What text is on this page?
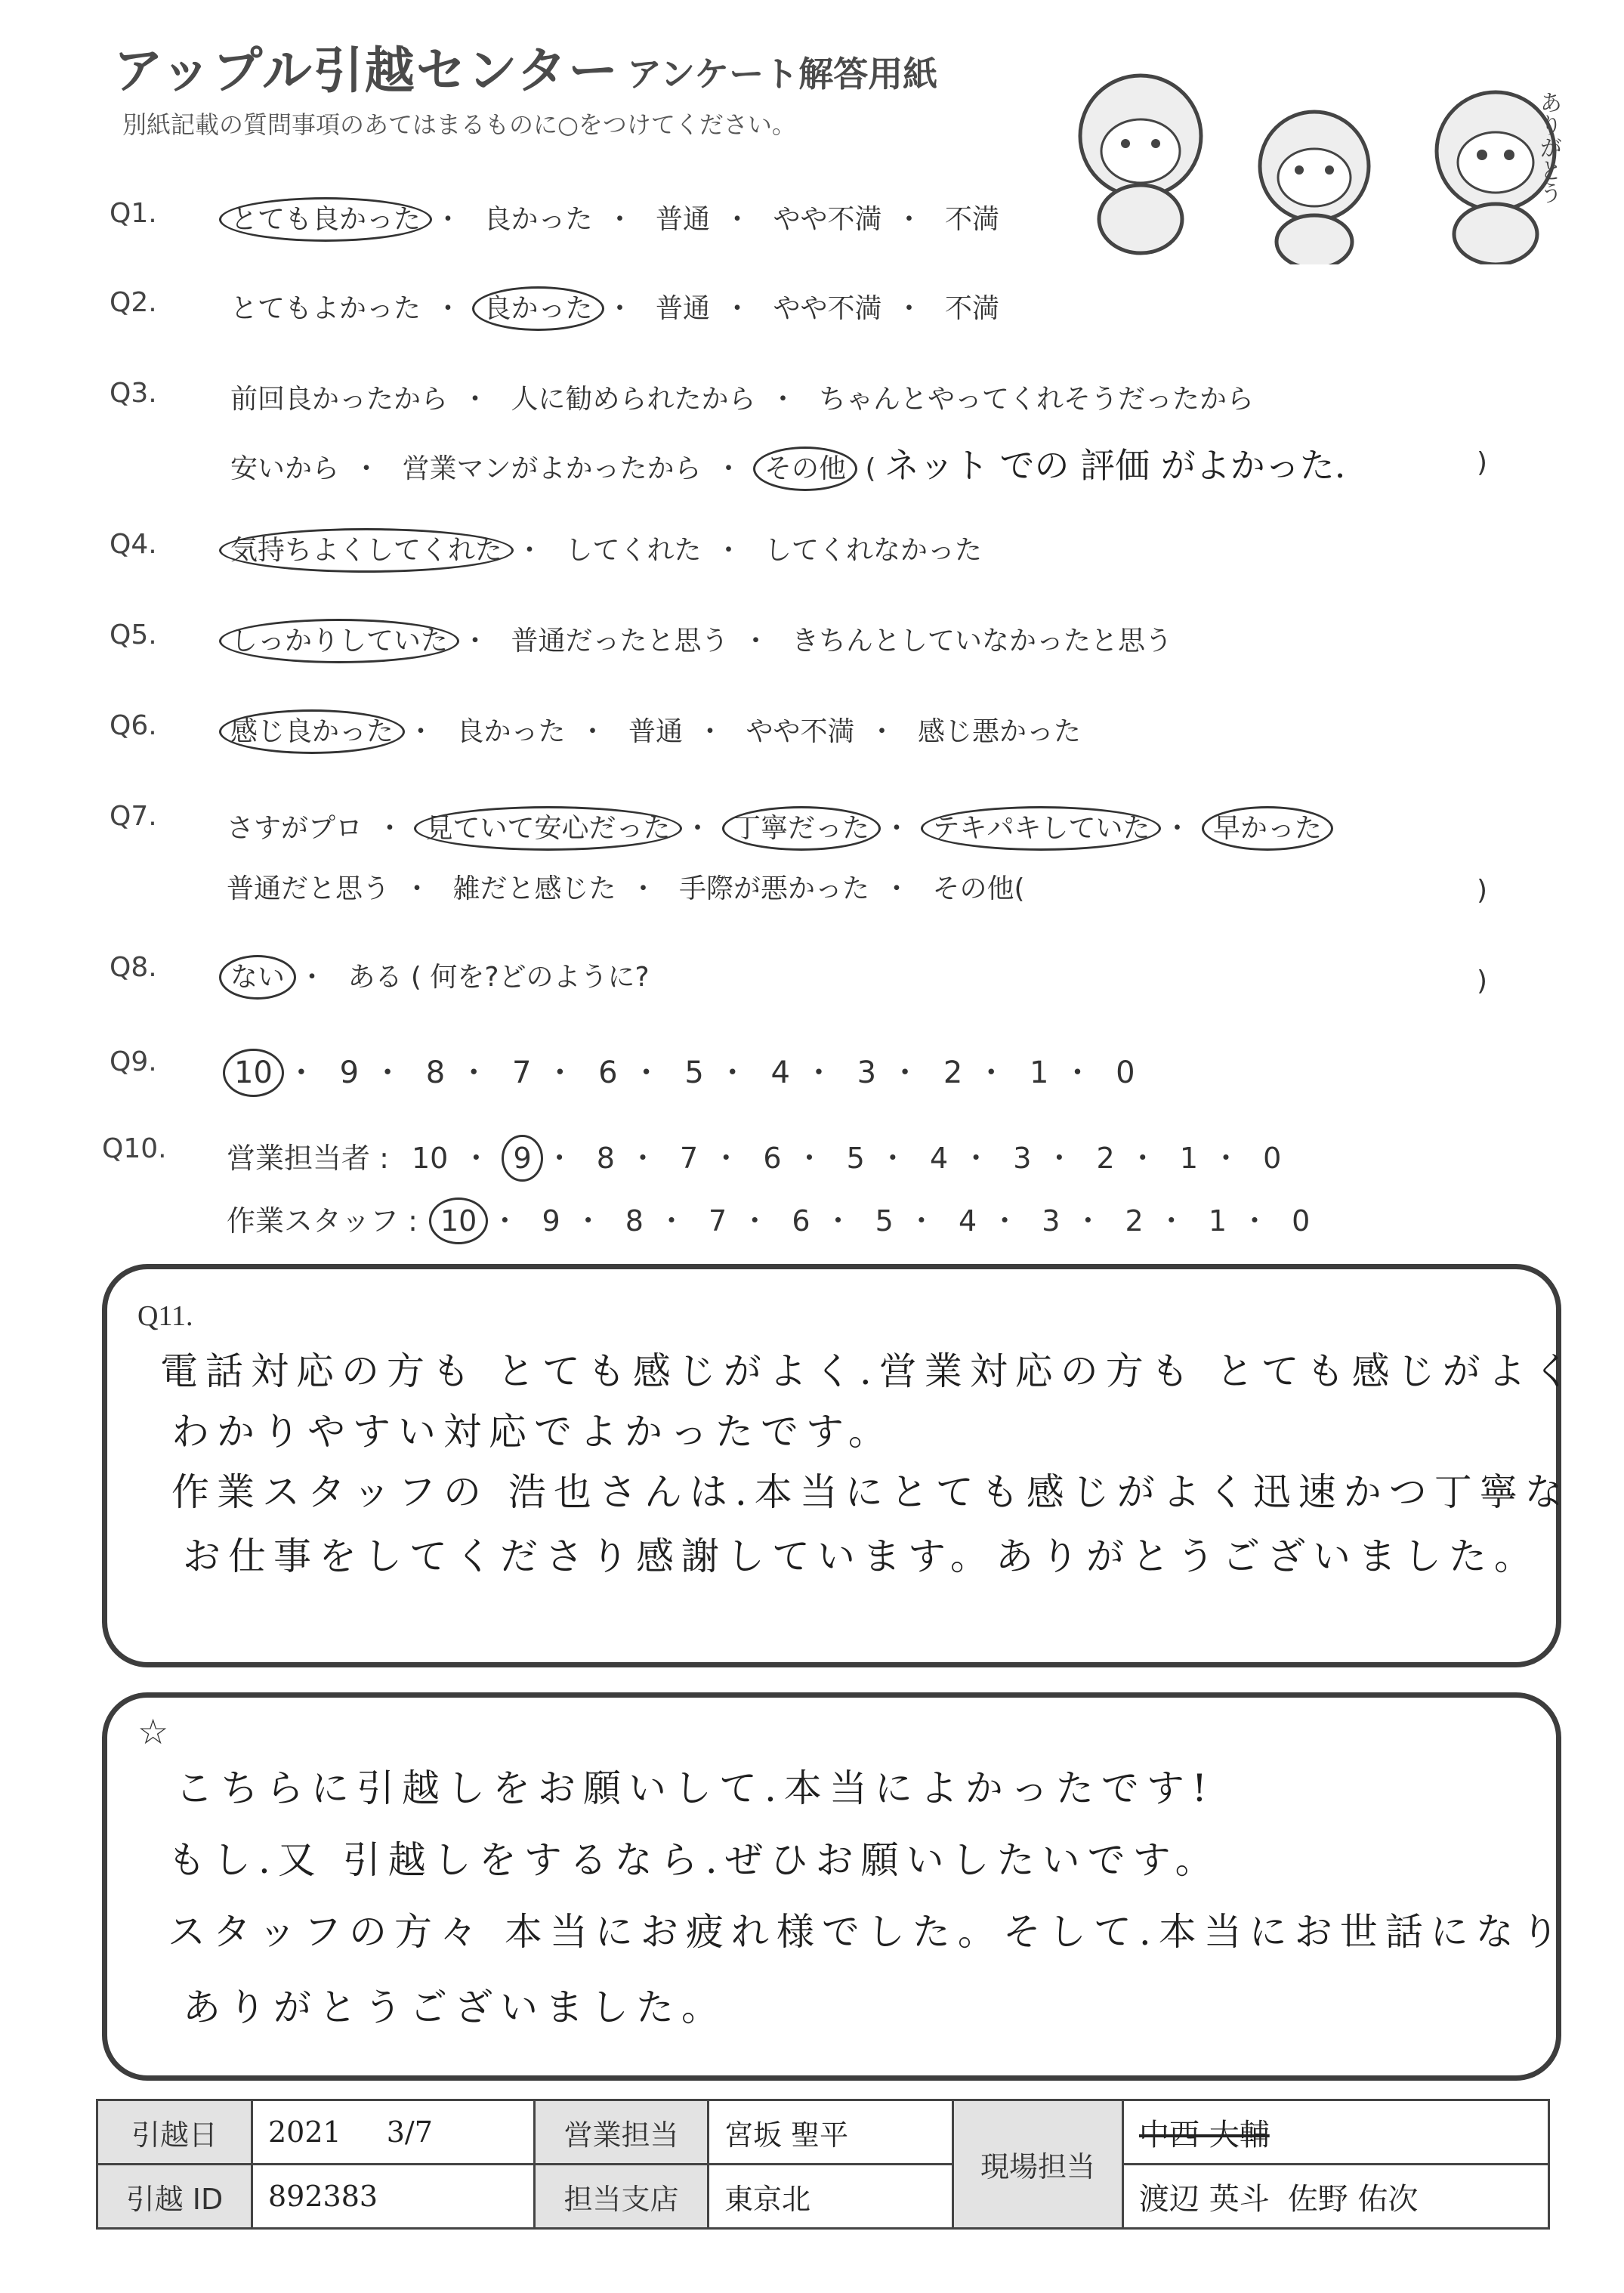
アップル引越センター アンケート解答用紙
別紙記載の質問事項のあてはまるものに○をつけてください。	ありがとう
Q1.	とても良かった ・ 良かった ・ 普通 ・ やや不満 ・ 不満
Q2.	とてもよかった ・ 良かった ・ 普通 ・ やや不満 ・ 不満
Q3.	前回良かったから ・ 人に勧められたから ・ ちゃんとやってくれそうだったから
安いから ・ 営業マンがよかったから ・ その他 ( ネット での 評価 がよかった.	)
Q4.	気持ちよくしてくれた ・ してくれた ・ してくれなかった
Q5.	しっかりしていた ・ 普通だったと思う ・ きちんとしていなかったと思う
Q6.	感じ良かった ・ 良かった ・ 普通 ・ やや不満 ・ 感じ悪かった
Q7.	さすがプロ ・ 見ていて安心だった ・ 丁寧だった ・ テキパキしていた ・ 早かった
普通だと思う ・ 雑だと感じた ・ 手際が悪かった ・ その他(	)
Q8.	ない ・ ある ( 何を?どのように?	)
Q9.	10 ・ 9 ・ 8 ・ 7 ・ 6 ・ 5 ・ 4 ・ 3 ・ 2 ・ 1 ・ 0
Q10. 営業担当者 : 10 ・ 9 ・ 8 ・ 7 ・ 6 ・ 5 ・ 4 ・ 3 ・ 2 ・ 1 ・ 0
作業スタッフ : 10 ・ 9 ・ 8 ・ 7 ・ 6 ・ 5 ・ 4 ・ 3 ・ 2 ・ 1 ・ 0
Q11.
電話対応の方も とても感じがよく.営業対応の方も とても感じがよく
わかりやすい対応でよかったです。
作業スタッフの 浩也さんは.本当にとても感じがよく迅速かつ丁寧な
お仕事をしてくださり感謝しています。ありがとうございました。
☆
こちらに引越しをお願いして.本当によかったです!
もし.又 引越しをするなら.ぜひお願いしたいです。
スタッフの方々 本当にお疲れ様でした。そして.本当にお世話になり
ありがとうございました。
引越日	2021 3/7	営業担当	宮坂 聖平	現場担当	中西 大輔
引越 ID	892383	担当支店	東京北		渡辺 英斗 佐野 佑次
